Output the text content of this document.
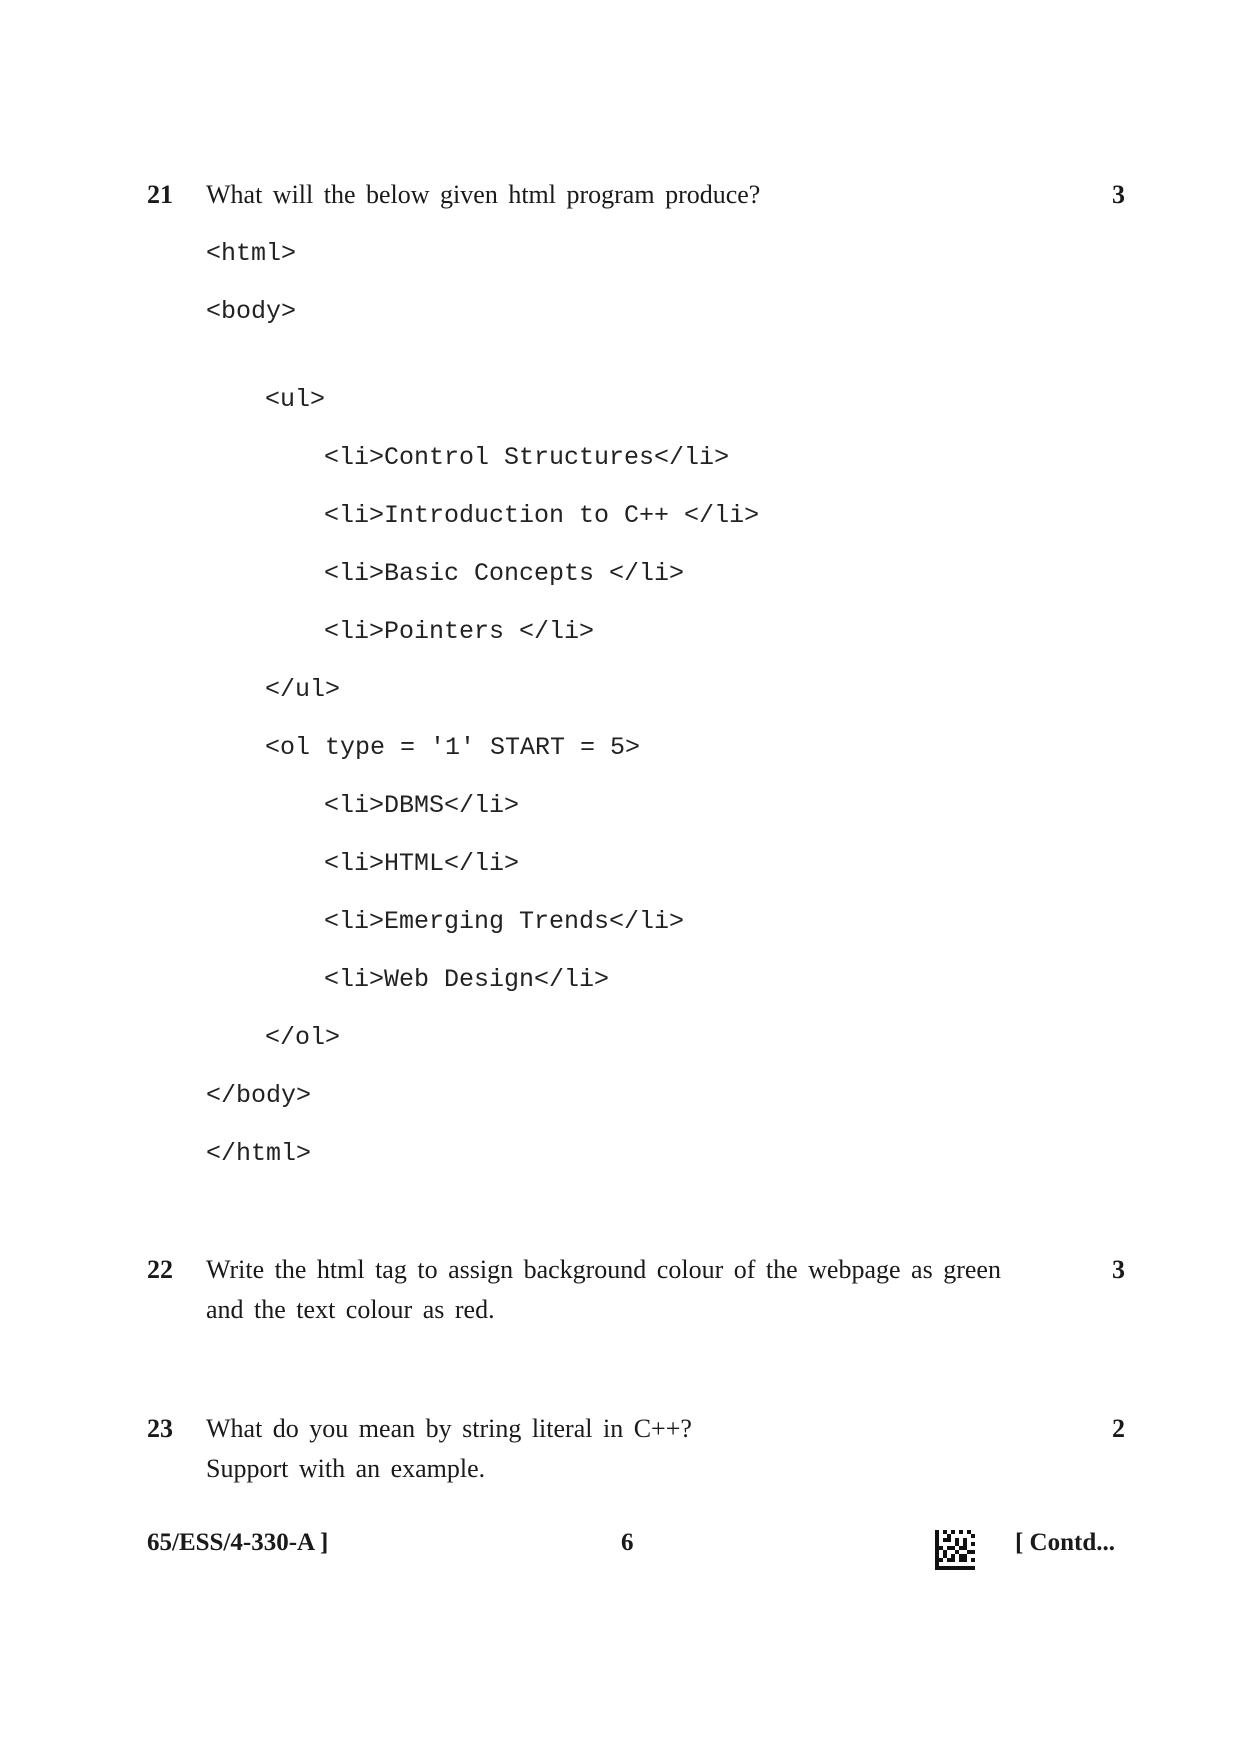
21 What will the below given html program produce?	3
<html>
<body>
<ul>
<li>Control Structures</li>
<li>Introduction to C++ </li>
<li>Basic Concepts </li>
<li>Pointers </li>
</ul>
<ol type = '1' START = 5>
<li>DBMS</li>
<li>HTML</li>
<li>Emerging Trends</li>
<li>Web Design</li>
</ol>
</body>
</html>
22 Write the html tag to assign background colour of the webpage as green and the text colour as red.
3
23 What do you mean by string literal in C++?
Support with an example.
2
65/ESS/4-330-A ]	6	[ Contd...
